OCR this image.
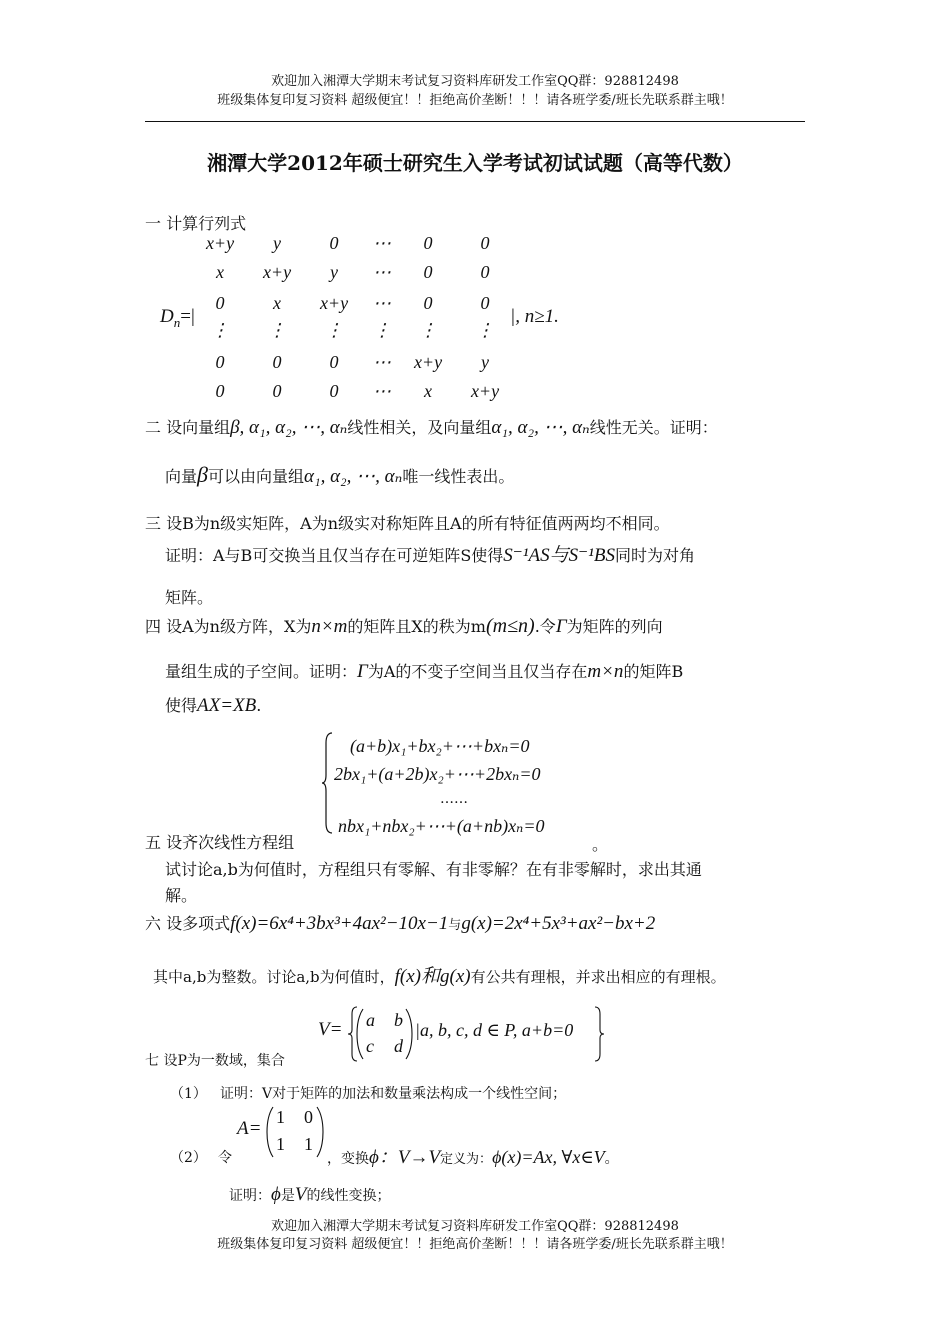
欢迎加入湘潭大学期末考试复习资料库研发工作室QQ群：928812498
班级集体复印复习资料 超级便宜！！拒绝高价垄断！！！请各班学委/班长先联系群主哦！
湘潭大学2012年硕士研究生入学考试初试试题（高等代数）
一 计算行列式
x+y	y	0	⋯	0	0
x	x+y	y	⋯	0	0
0	x	x+y	⋯	0	0
⋮	⋮	⋮	⋮	⋮	⋮
0	0	0	⋯	x+y	y
0	0	0	⋯	x	x+y
$D_n=|$	|, n≥1.
二 设向量组β, α₁, α₂, ⋯, αₙ线性相关，及向量组α₁, α₂, ⋯, αₙ线性无关。证明：
向量β可以由向量组α₁, α₂, ⋯, αₙ唯一线性表出。
三 设B为n级实矩阵，A为n级实对称矩阵且A的所有特征值两两均不相同。
证明：A与B可交换当且仅当存在可逆矩阵S使得S⁻¹AS与S⁻¹BS同时为对角
矩阵。
四 设A为n级方阵，X为n×m的矩阵且X的秩为m(m≤n).令Γ为矩阵的列向
量组生成的子空间。证明：Γ为A的不变子空间当且仅当存在m×n的矩阵B
使得AX=XB.
(a+b)x₁+bx₂+⋯+bxₙ=0
2bx₁+(a+2b)x₂+⋯+2bxₙ=0
……
nbx₁+nbx₂+⋯+(a+nb)xₙ=0
五 设齐次线性方程组	。
试讨论a,b为何值时，方程组只有零解、有非零解？在有非零解时，求出其通
解。
六 设多项式f(x)=6x⁴+3bx³+4ax²−10x−1与g(x)=2x⁴+5x³+ax²−bx+2
其中a,b为整数。讨论a,b为何值时，f(x)和g(x)有公共有理根，并求出相应的有理根。
V= a b
c d
|a, b, c, d ∈ P, a+b=0
七 设P为一数域，集合
（1） 证明：V对于矩阵的加法和数量乘法构成一个线性空间；
（2） 令
A=
1 0
1 1
，变换ϕ：V→V定义为：ϕ(x)=Ax, ∀x∈V。
证明：ϕ是V的线性变换；
欢迎加入湘潭大学期末考试复习资料库研发工作室QQ群：928812498
班级集体复印复习资料 超级便宜！！拒绝高价垄断！！！请各班学委/班长先联系群主哦！
